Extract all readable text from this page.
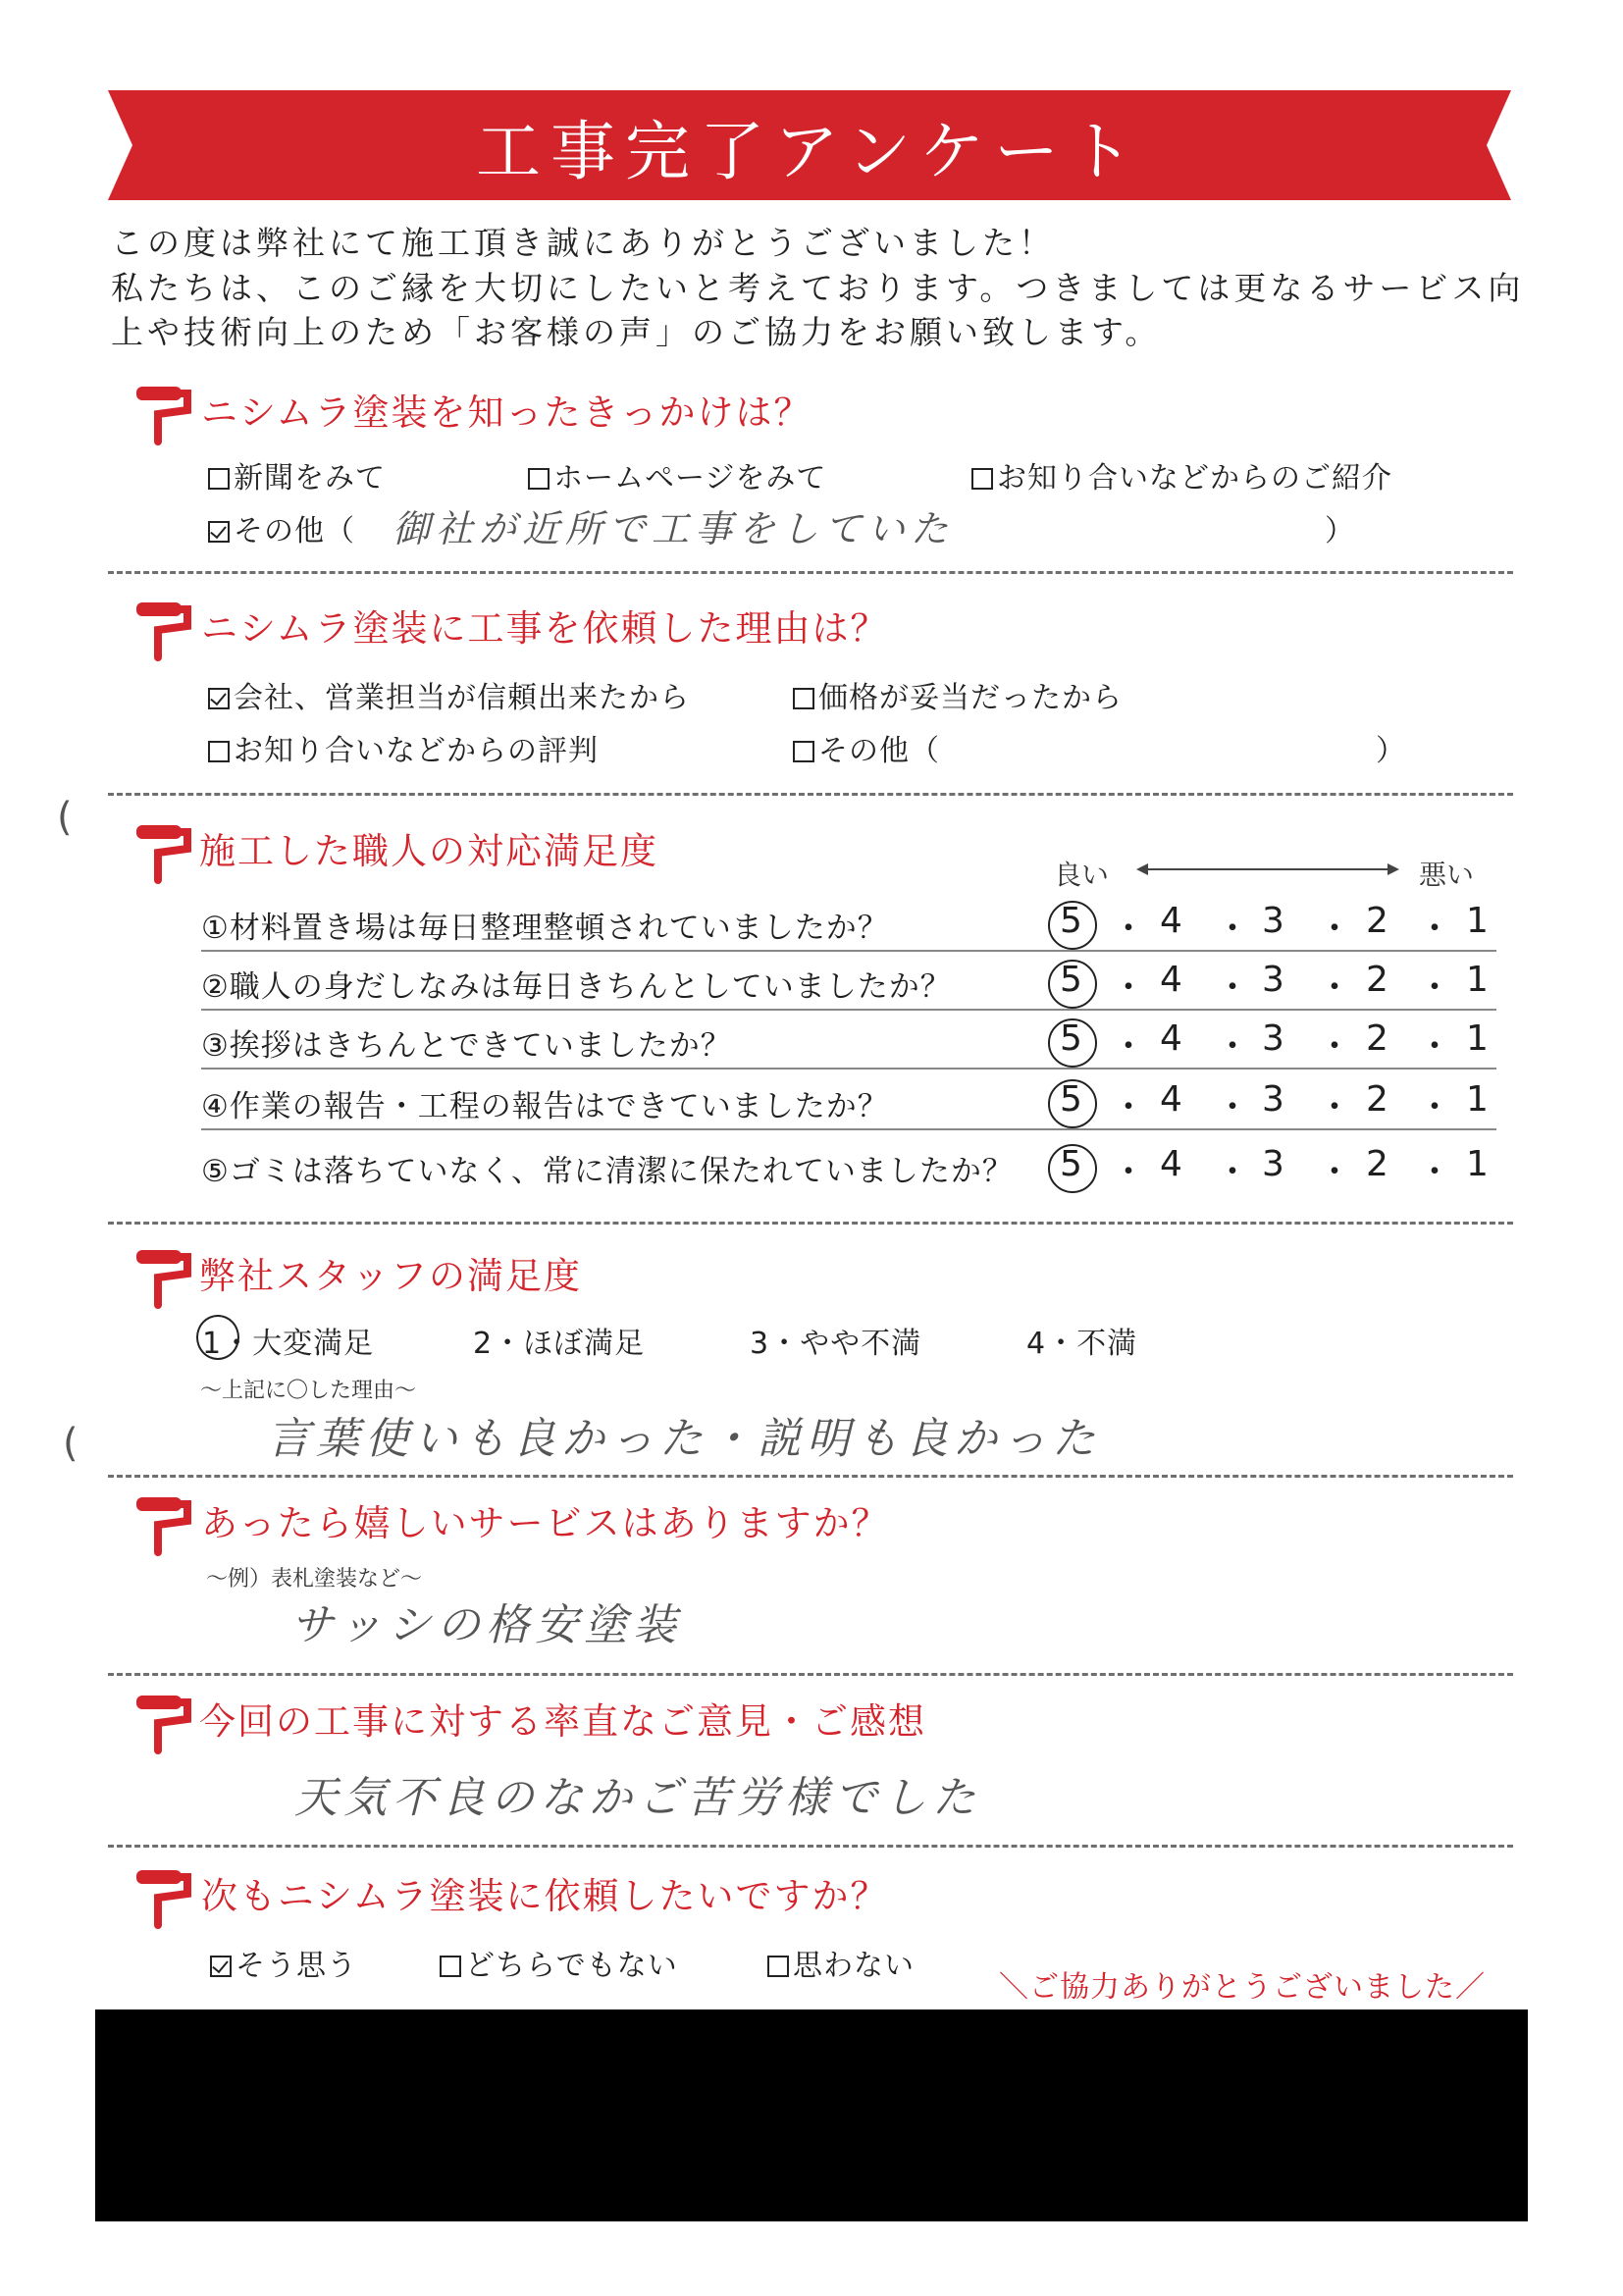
工事完了アンケート
この度は弊社にて施工頂き誠にありがとうございました！
私たちは、このご縁を大切にしたいと考えております。つきましては更なるサービス向
上や技術向上のため「お客様の声」のご協力をお願い致します。
ニシムラ塗装を知ったきっかけは？
新聞をみて	ホームページをみて	お知り合いなどからのご紹介
その他（ 御社が近所で工事をしていた	）
ニシムラ塗装に工事を依頼した理由は？
会社、営業担当が信頼出来たから	価格が妥当だったから
お知り合いなどからの評判	その他（	）
(
施工した職人の対応満足度
良い	悪い
①材料置き場は毎日整理整頓されていましたか？	5 ・ 4 ・ 3 ・ 2 ・ 1
②職人の身だしなみは毎日きちんとしていましたか？	5 ・ 4 ・ 3 ・ 2 ・ 1
③挨拶はきちんとできていましたか？	5 ・ 4 ・ 3 ・ 2 ・ 1
④作業の報告・工程の報告はできていましたか？	5 ・ 4 ・ 3 ・ 2 ・ 1
⑤ゴミは落ちていなく、常に清潔に保たれていましたか？ 5 ・ 4 ・ 3 ・ 2 ・ 1
弊社スタッフの満足度
1・大変満足	2・ほぼ満足	3・やや不満	4・不満
～上記に〇した理由～
言葉使いも良かった・説明も良かった
(
あったら嬉しいサービスはありますか？
～例）表札塗装など～
サッシの格安塗装
今回の工事に対する率直なご意見・ご感想
天気不良のなかご苦労様でした
次もニシムラ塗装に依頼したいですか？
そう思う	どちらでもない	思わない
＼ご協力ありがとうございました／
